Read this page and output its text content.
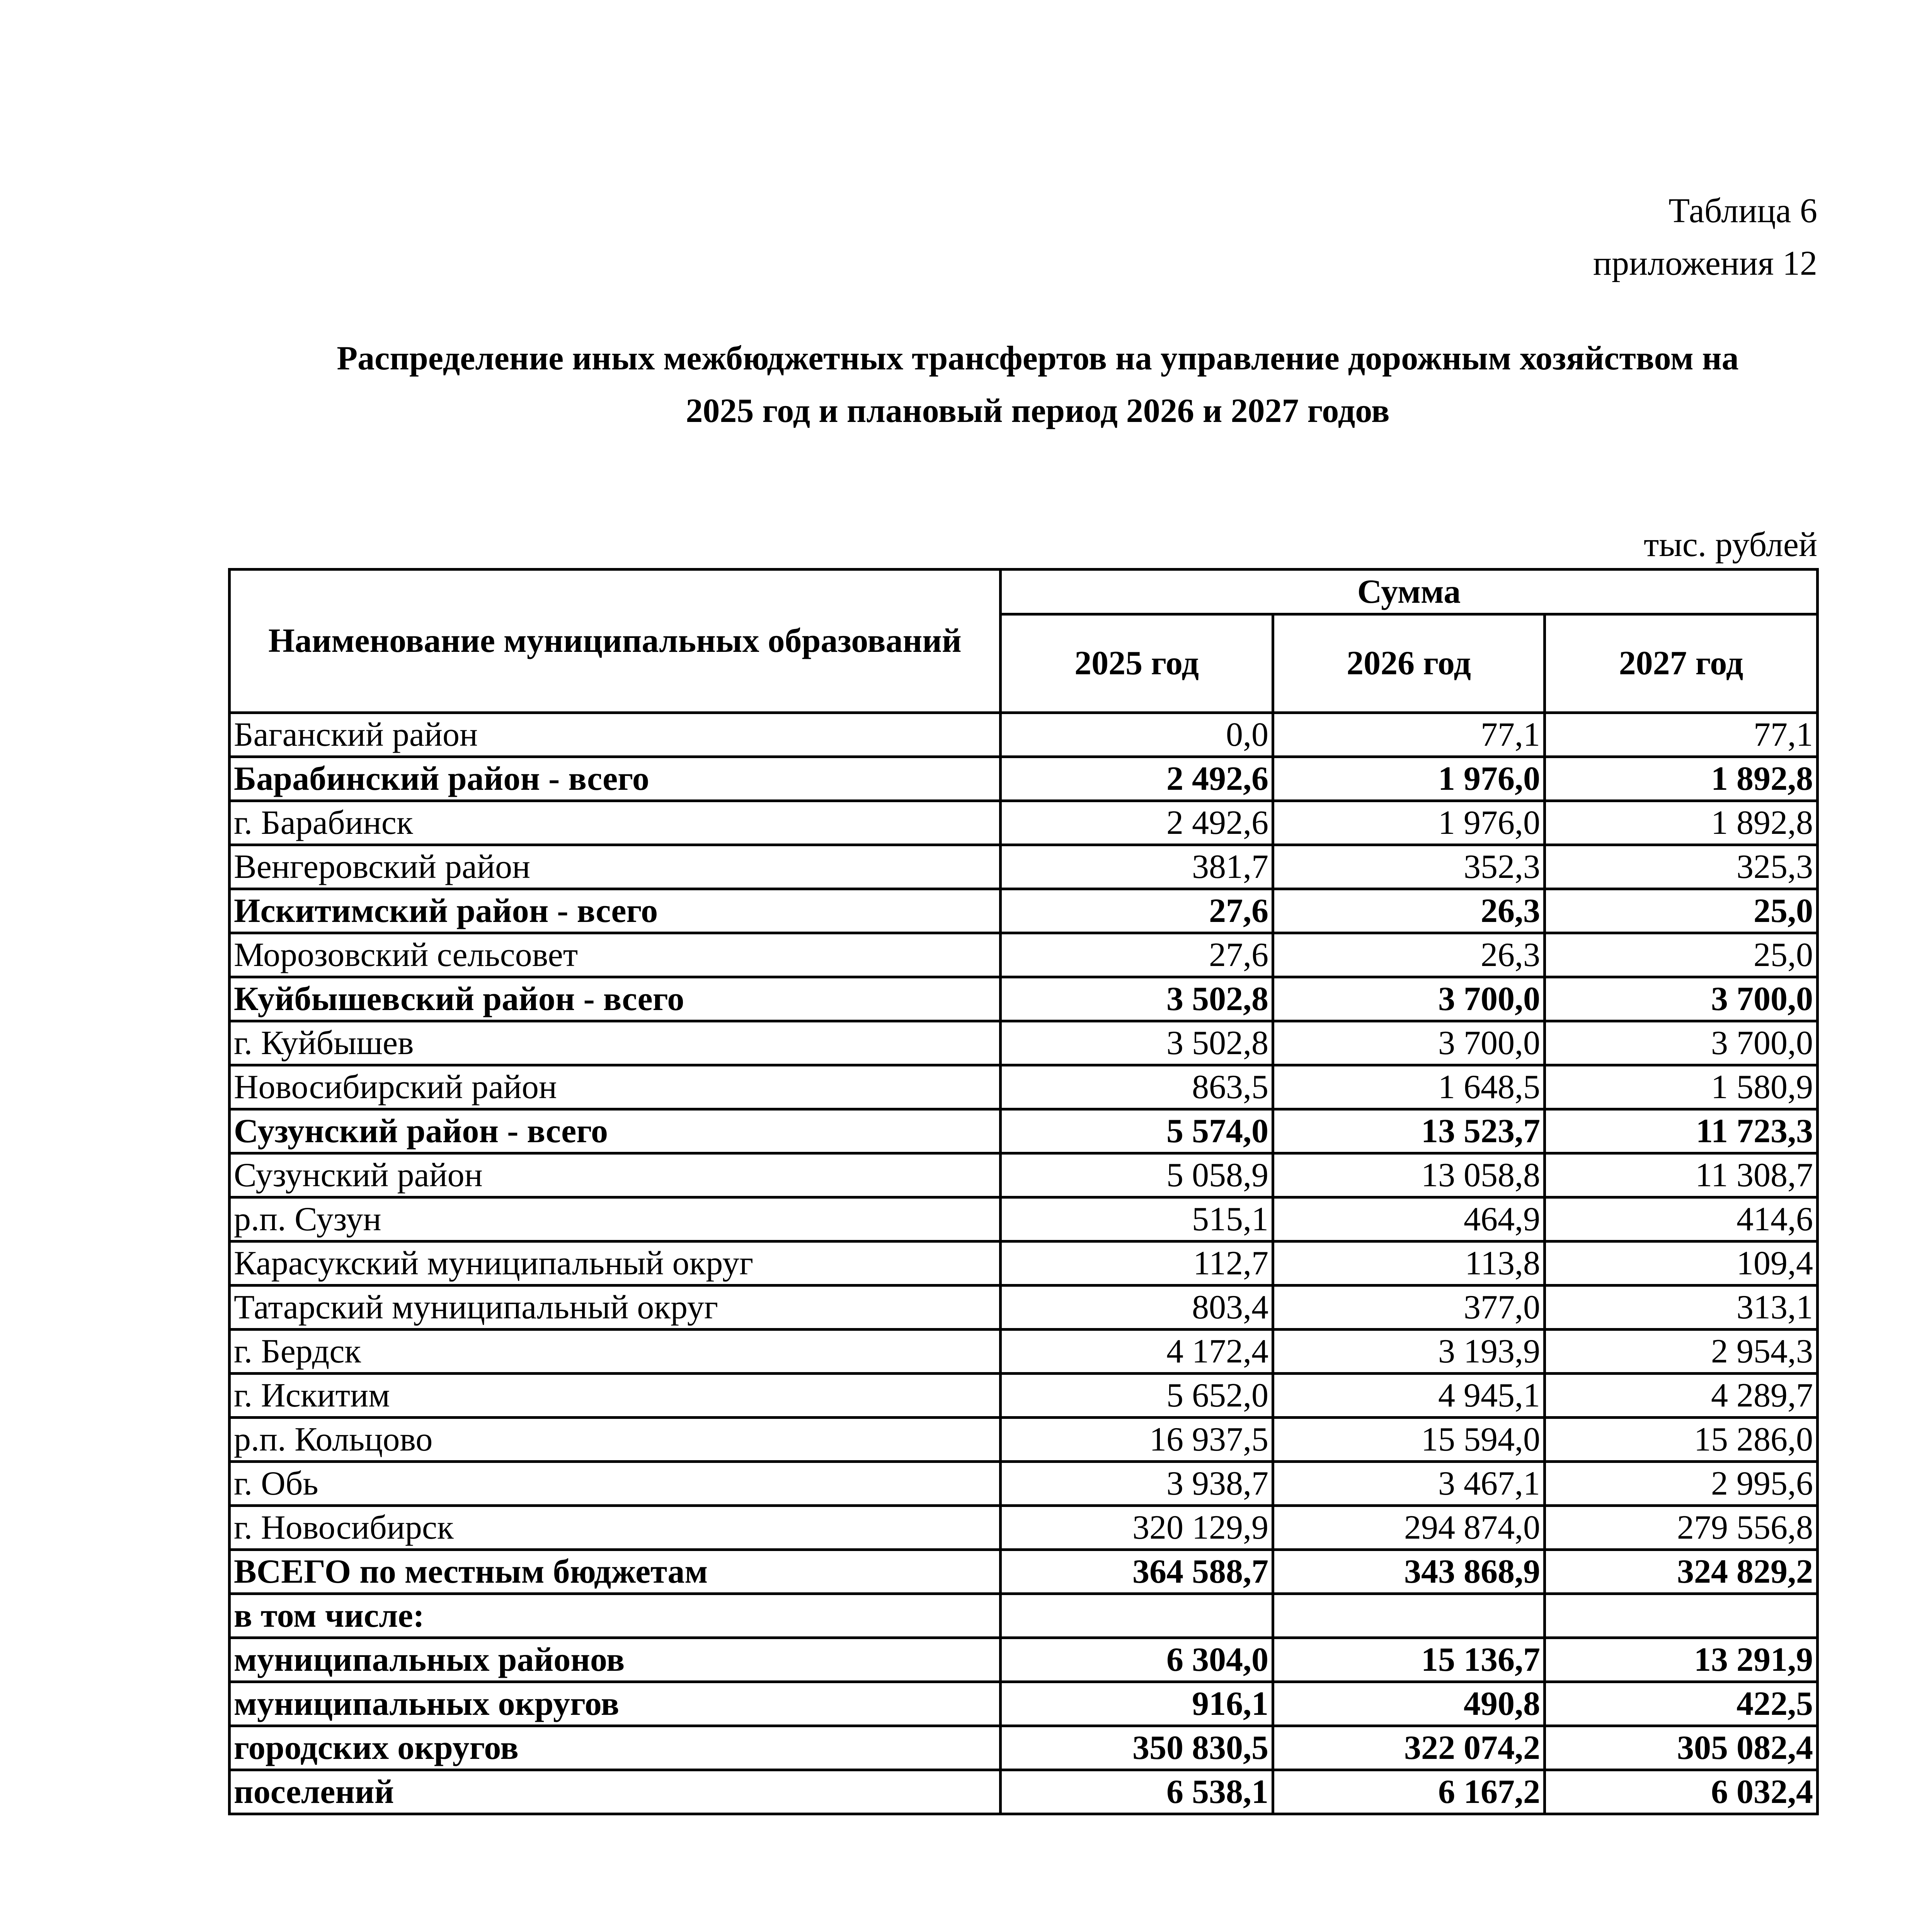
Таблица 6
приложения 12
Распределение иных межбюджетных трансфертов на управление дорожным хозяйством на
2025 год и плановый период 2026 и 2027 годов
тыс. рублей
Наименование муниципальных образований	Сумма		
	2025 год	2026 год	2027 год
Баганский район	0,0	77,1	77,1
Барабинский район - всего	2 492,6	1 976,0	1 892,8
г. Барабинск	2 492,6	1 976,0	1 892,8
Венгеровский район	381,7	352,3	325,3
Искитимский район - всего	27,6	26,3	25,0
Морозовский сельсовет	27,6	26,3	25,0
Куйбышевский район - всего	3 502,8	3 700,0	3 700,0
г. Куйбышев	3 502,8	3 700,0	3 700,0
Новосибирский район	863,5	1 648,5	1 580,9
Сузунский район - всего	5 574,0	13 523,7	11 723,3
Сузунский район	5 058,9	13 058,8	11 308,7
р.п. Сузун	515,1	464,9	414,6
Карасукский муниципальный округ	112,7	113,8	109,4
Татарский муниципальный округ	803,4	377,0	313,1
г. Бердск	4 172,4	3 193,9	2 954,3
г. Искитим	5 652,0	4 945,1	4 289,7
р.п. Кольцово	16 937,5	15 594,0	15 286,0
г. Обь	3 938,7	3 467,1	2 995,6
г. Новосибирск	320 129,9	294 874,0	279 556,8
ВСЕГО по местным бюджетам	364 588,7	343 868,9	324 829,2
в том числе:			
муниципальных районов	6 304,0	15 136,7	13 291,9
муниципальных округов	916,1	490,8	422,5
городских округов	350 830,5	322 074,2	305 082,4
поселений	6 538,1	6 167,2	6 032,4
